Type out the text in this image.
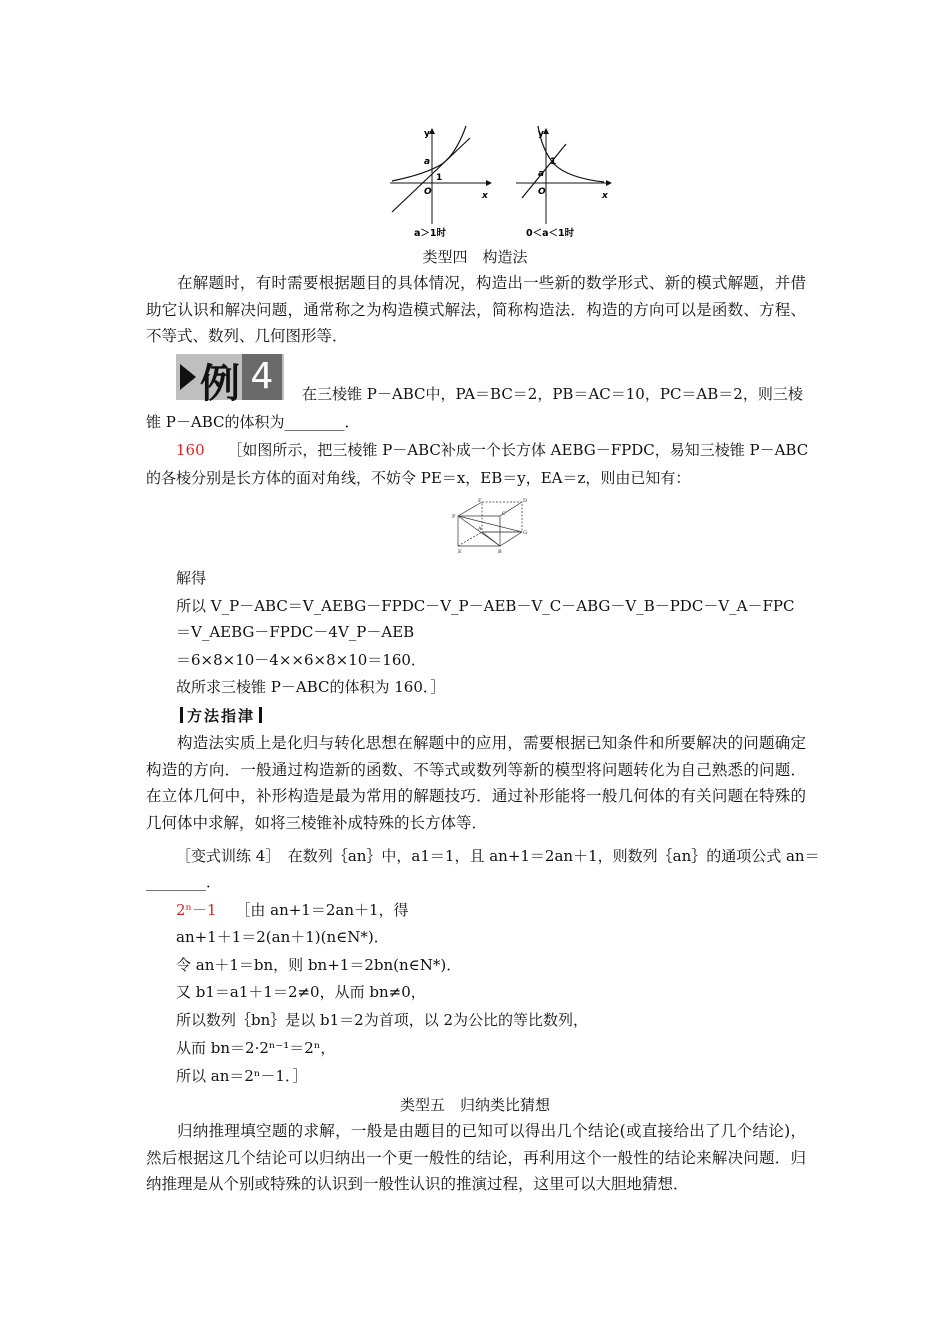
y
x
a
1
O
a＞1时
y
x
a
1
O
0＜a＜1时
类型四　构造法
在解题时，有时需要根据题目的具体情况，构造出一些新的数学形式、新的模式解题，并借助它认识和解决问题，通常称之为构造模式解法，简称构造法．构造的方向可以是函数、方程、不等式、数列、几何图形等．
例 4	在三棱锥 P－ABC中，PA＝BC＝2，PB＝AC＝10，PC＝AB＝2，则三棱
锥 P－ABC的体积为________．
160 ［如图所示，把三棱锥 P－ABC补成一个长方体 AEBG－FPDC，易知三棱锥 P－ABC
的各棱分别是长方体的面对角线，不妨令 PE＝x，EB＝y，EA＝z，则由已知有：
P
F	D
A
C
G
E	B
解得
所以 V_P－ABC＝V_AEBG－FPDC－V_P－AEB－V_C－ABG－V_B－PDC－V_A－FPC
＝V_AEBG－FPDC－4V_P－AEB
＝6×8×10－4××6×8×10＝160．
故所求三棱锥 P－ABC的体积为 160．］
方法指津
构造法实质上是化归与转化思想在解题中的应用，需要根据已知条件和所要解决的问题确定构造的方向．一般通过构造新的函数、不等式或数列等新的模型将问题转化为自己熟悉的问题．在立体几何中，补形构造是最为常用的解题技巧．通过补形能将一般几何体的有关问题在特殊的几何体中求解，如将三棱锥补成特殊的长方体等．
［变式训练 4］　在数列｛an｝中，a1＝1，且 an+1＝2an＋1，则数列｛an｝的通项公式 an＝
________．
2ⁿ－1 ［由 an+1＝2an＋1，得
an+1＋1＝2(an＋1)(n∈N*)．
令 an＋1＝bn，则 bn+1＝2bn(n∈N*)．
又 b1＝a1＋1＝2≠0，从而 bn≠0，
所以数列｛bn｝是以 b1＝2为首项，以 2为公比的等比数列，
从而 bn＝2·2ⁿ⁻¹＝2ⁿ，
所以 an＝2ⁿ－1．］
类型五　归纳类比猜想
归纳推理填空题的求解，一般是由题目的已知可以得出几个结论(或直接给出了几个结论)，然后根据这几个结论可以归纳出一个更一般性的结论，再利用这个一般性的结论来解决问题．归纳推理是从个别或特殊的认识到一般性认识的推演过程，这里可以大胆地猜想．
